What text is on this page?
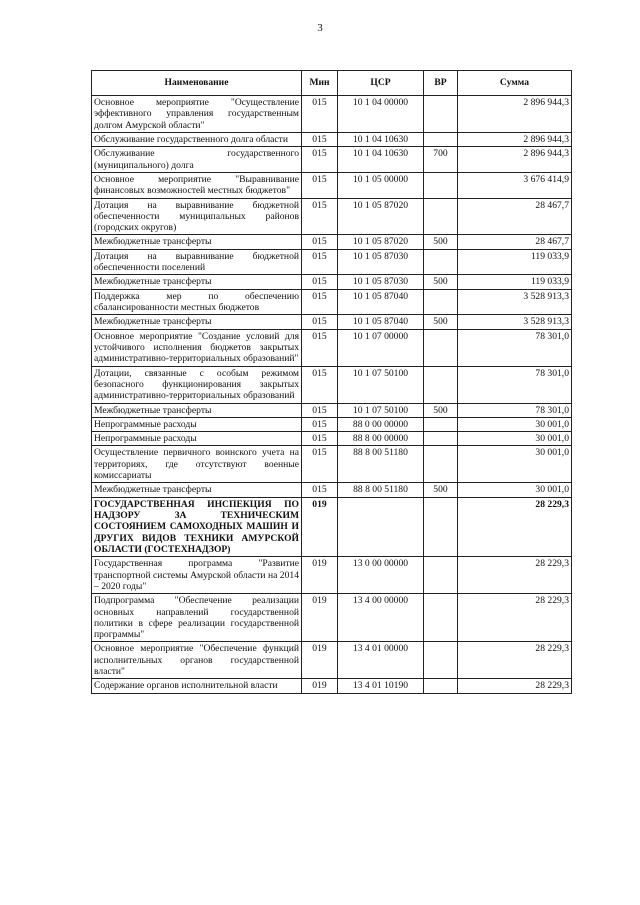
3
Наименование	Мин	ЦСР	ВР	Сумма
Основное мероприятие "Осуществление эффективного управления государственным долгом Амурской области"	015	10 1 04 00000		2 896 944,3
Обслуживание государственного долга области	015	10 1 04 10630		2 896 944,3
Обслуживание государственного (муниципального) долга	015	10 1 04 10630	700	2 896 944,3
Основное мероприятие "Выравнивание финансовых возможностей местных бюджетов"	015	10 1 05 00000		3 676 414,9
Дотация на выравнивание бюджетной обеспеченности муниципальных районов (городских округов)	015	10 1 05 87020		28 467,7
Межбюджетные трансферты	015	10 1 05 87020	500	28 467,7
Дотация на выравнивание бюджетной обеспеченности поселений	015	10 1 05 87030		119 033,9
Межбюджетные трансферты	015	10 1 05 87030	500	119 033,9
Поддержка мер по обеспечению сбалансированности местных бюджетов	015	10 1 05 87040		3 528 913,3
Межбюджетные трансферты	015	10 1 05 87040	500	3 528 913,3
Основное мероприятие "Создание условий для устойчивого исполнения бюджетов закрытых административно-территориальных образований"	015	10 1 07 00000		78 301,0
Дотации, связанные с особым режимом безопасного функционирования закрытых административно-территориальных образований	015	10 1 07 50100		78 301,0
Межбюджетные трансферты	015	10 1 07 50100	500	78 301,0
Непрограммные расходы	015	88 0 00 00000		30 001,0
Непрограммные расходы	015	88 8 00 00000		30 001,0
Осуществление первичного воинского учета на территориях, где отсутствуют военные комиссариаты	015	88 8 00 51180		30 001,0
Межбюджетные трансферты	015	88 8 00 51180	500	30 001,0
ГОСУДАРСТВЕННАЯ ИНСПЕКЦИЯ ПО НАДЗОРУ ЗА ТЕХНИЧЕСКИМ СОСТОЯНИЕМ САМОХОДНЫХ МАШИН И ДРУГИХ ВИДОВ ТЕХНИКИ АМУРСКОЙ ОБЛАСТИ (ГОСТЕХНАДЗОР)	019			28 229,3
Государственная программа "Развитие транспортной системы Амурской области на 2014 – 2020 годы"	019	13 0 00 00000		28 229,3
Подпрограмма "Обеспечение реализации основных направлений государственной политики в сфере реализации государственной программы"	019	13 4 00 00000		28 229,3
Основное мероприятие "Обеспечение функций исполнительных органов государственной власти"	019	13 4 01 00000		28 229,3
Содержание органов исполнительной власти	019	13 4 01 10190		28 229,3
